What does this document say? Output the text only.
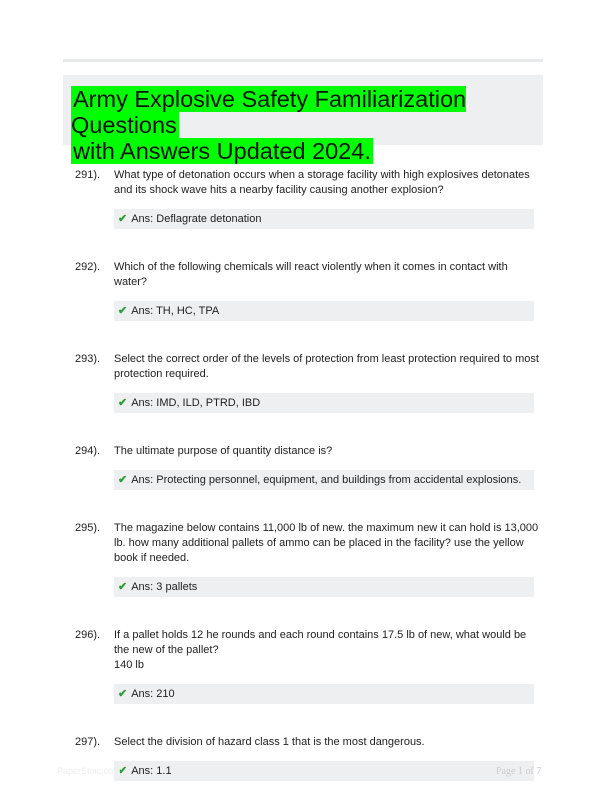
Army Explosive Safety Familiarization Questions
with Answers Updated 2024.
291).	What type of detonation occurs when a storage facility with high explosives detonates and its shock wave hits a nearby facility causing another explosion?
✔ Ans: Deflagrate detonation
292).	Which of the following chemicals will react violently when it comes in contact with water?
✔ Ans: TH, HC, TPA
293).	Select the correct order of the levels of protection from least protection required to most protection required.
✔ Ans: IMD, ILD, PTRD, IBD
294).	The ultimate purpose of quantity distance is?
✔ Ans: Protecting personnel, equipment, and buildings from accidental explosions.
295).	The magazine below contains 11,000 lb of new. the maximum new it can hold is 13,000 lb. how many additional pallets of ammo can be placed in the facility? use the yellow book if needed.
✔ Ans: 3 pallets
296).	If a pallet holds 12 he rounds and each round contains 17.5 lb of new, what would be the new of the pallet?
140 lb
✔ Ans: 210
297).	Select the division of hazard class 1 that is the most dangerous.
✔ Ans: 1.1
PaperStoic.com	Page 1 of 7
